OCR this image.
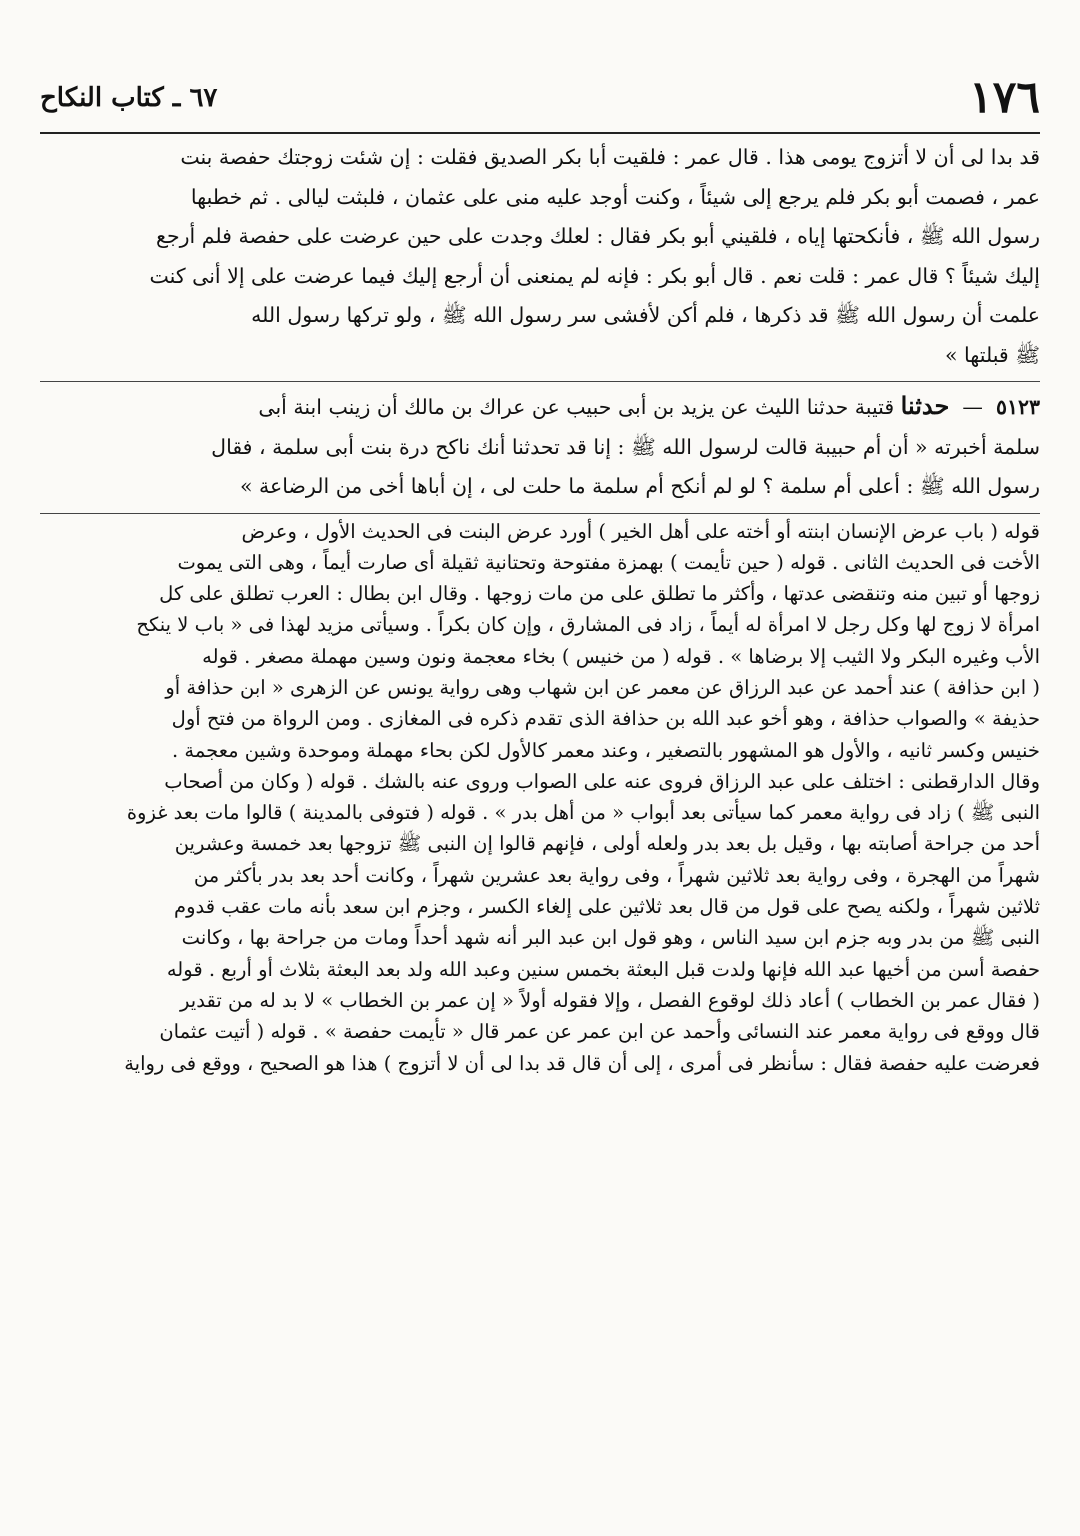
١٧٦
٦٧ ـ كتاب النكاح

قد بدا لى أن لا أتزوج يومى هذا . قال عمر : فلقيت أبا بكر الصديق فقلت : إن شئت زوجتك حفصة بنت

عمر ، فصمت أبو بكر فلم يرجع إلى شيئاً ، وكنت أوجد عليه منى على عثمان ، فلبثت ليالى . ثم خطبها

رسول الله ﷺ ، فأنكحتها إياه ، فلقيني أبو بكر فقال : لعلك وجدت على حين عرضت على حفصة فلم أرجع

إليك شيئاً ؟ قال عمر : قلت نعم . قال أبو بكر : فإنه لم يمنعنى أن أرجع إليك فيما عرضت على إلا أنى كنت

علمت أن رسول الله ﷺ قد ذكرها ، فلم أكن لأفشى سر رسول الله ﷺ ، ولو تركها رسول الله

ﷺ قبلتها »

٥١٢٣  —  حدثنا قتيبة حدثنا الليث عن يزيد بن أبى حبيب عن عراك بن مالك أن زينب ابنة أبى

سلمة أخبرته « أن أم حبيبة قالت لرسول الله ﷺ : إنا قد تحدثنا أنك ناكح درة بنت أبى سلمة ، فقال

رسول الله ﷺ : أعلى أم سلمة ؟ لو لم أنكح أم سلمة ما حلت لى ، إن أباها أخى من الرضاعة »

قوله ( باب عرض الإنسان ابنته أو أخته على أهل الخير ) أورد عرض البنت فى الحديث الأول ، وعرض

الأخت فى الحديث الثانى . قوله ( حين تأيمت ) بهمزة مفتوحة وتحتانية ثقيلة أى صارت أيماً ، وهى التى يموت

زوجها أو تبين منه وتنقضى عدتها ، وأكثر ما تطلق على من مات زوجها . وقال ابن بطال : العرب تطلق على كل

امرأة لا زوج لها وكل رجل لا امرأة له أيماً ، زاد فى المشارق ، وإن كان بكراً . وسيأتى مزيد لهذا فى « باب لا ينكح

الأب وغيره البكر ولا الثيب إلا برضاها » . قوله ( من خنيس ) بخاء معجمة ونون وسين مهملة مصغر . قوله

( ابن حذافة ) عند أحمد عن عبد الرزاق عن معمر عن ابن شهاب وهى رواية يونس عن الزهرى « ابن حذافة أو

حذيفة » والصواب حذافة ، وهو أخو عبد الله بن حذافة الذى تقدم ذكره فى المغازى . ومن الرواة من فتح أول

خنيس وكسر ثانيه ، والأول هو المشهور بالتصغير ، وعند معمر كالأول لكن بحاء مهملة وموحدة وشين معجمة .

وقال الدارقطنى : اختلف على عبد الرزاق فروى عنه على الصواب وروى عنه بالشك . قوله ( وكان من أصحاب

النبى ﷺ ) زاد فى رواية معمر كما سيأتى بعد أبواب « من أهل بدر » . قوله ( فتوفى بالمدينة ) قالوا مات بعد غزوة

أحد من جراحة أصابته بها ، وقيل بل بعد بدر ولعله أولى ، فإنهم قالوا إن النبى ﷺ تزوجها بعد خمسة وعشرين

شهراً من الهجرة ، وفى رواية بعد ثلاثين شهراً ، وفى رواية بعد عشرين شهراً ، وكانت أحد بعد بدر بأكثر من

ثلاثين شهراً ، ولكنه يصح على قول من قال بعد ثلاثين على إلغاء الكسر ، وجزم ابن سعد بأنه مات عقب قدوم

النبى ﷺ من بدر وبه جزم ابن سيد الناس ، وهو قول ابن عبد البر أنه شهد أحداً ومات من جراحة بها ، وكانت

حفصة أسن من أخيها عبد الله فإنها ولدت قبل البعثة بخمس سنين وعبد الله ولد بعد البعثة بثلاث أو أربع . قوله

( فقال عمر بن الخطاب ) أعاد ذلك لوقوع الفصل ، وإلا فقوله أولاً « إن عمر بن الخطاب » لا بد له من تقدير

قال ووقع فى رواية معمر عند النسائى وأحمد عن ابن عمر عن عمر قال « تأيمت حفصة » . قوله ( أتيت عثمان

فعرضت عليه حفصة فقال : سأنظر فى أمرى ، إلى أن قال قد بدا لى أن لا أتزوج ) هذا هو الصحيح ، ووقع فى رواية
